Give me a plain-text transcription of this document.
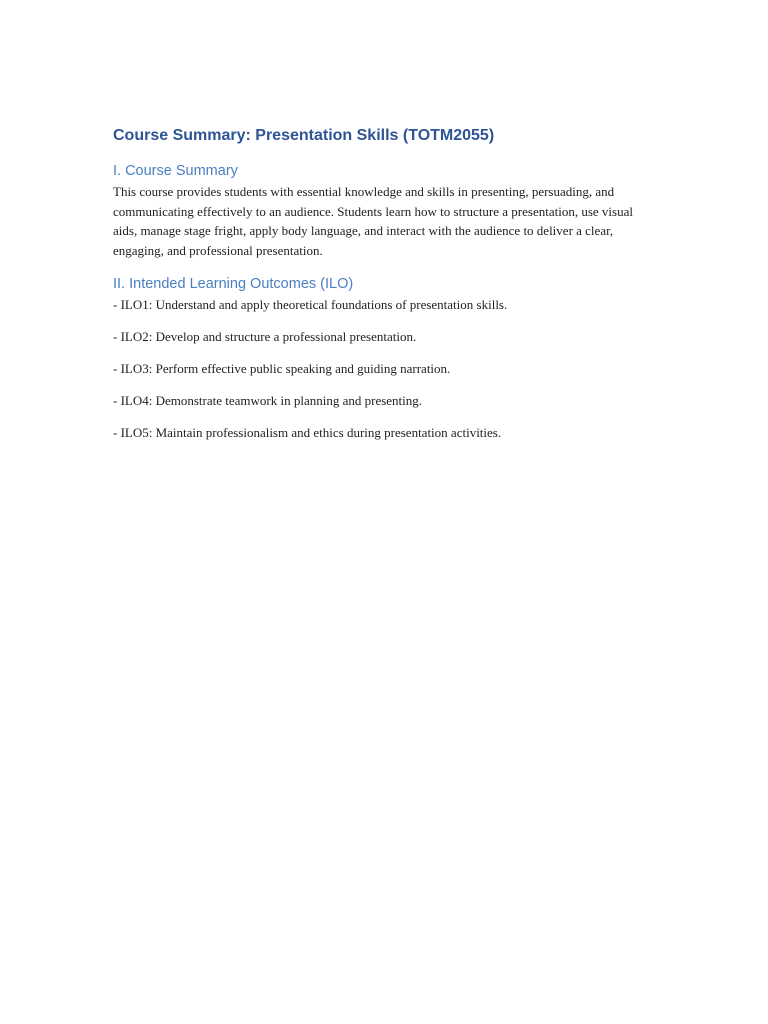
Course Summary: Presentation Skills (TOTM2055)
I. Course Summary

This course provides students with essential knowledge and skills in presenting, persuading, and communicating effectively to an audience. Students learn how to structure a presentation, use visual aids, manage stage fright, apply body language, and interact with the audience to deliver a clear, engaging, and professional presentation.

II. Intended Learning Outcomes (ILO)
- ILO1: Understand and apply theoretical foundations of presentation skills.
- ILO2: Develop and structure a professional presentation.
- ILO3: Perform effective public speaking and guiding narration.
- ILO4: Demonstrate teamwork in planning and presenting.
- ILO5: Maintain professionalism and ethics during presentation activities.
